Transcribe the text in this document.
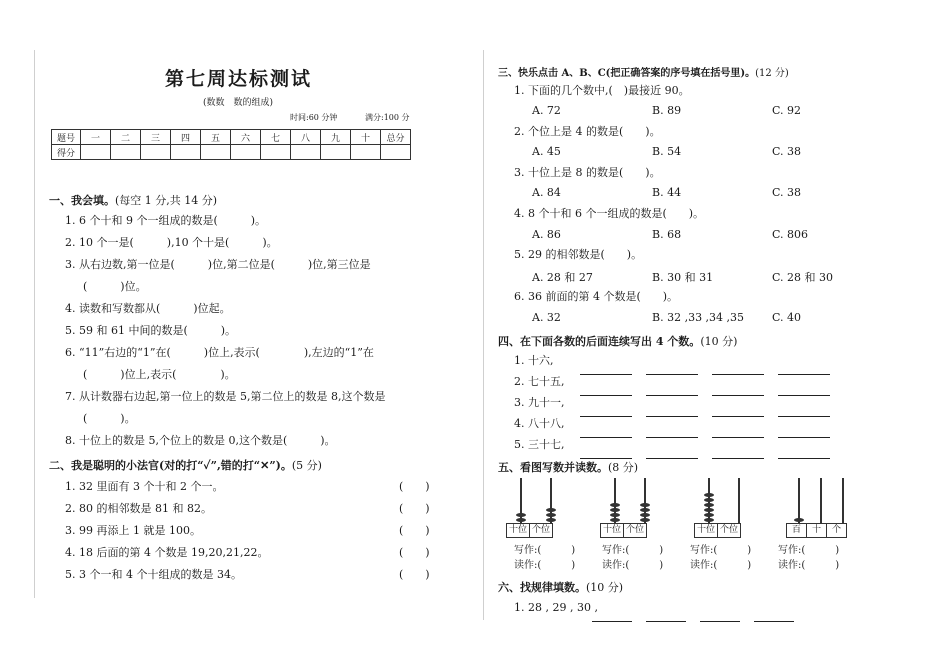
第七周达标测试
(数数　数的组成)
时间:60 分钟	满分:100 分
题号	一	二	三	四	五	六	七	八	九	十	总分
得分											
一、我会填。(每空 1 分,共 14 分)
1. 6 个十和 9 个一组成的数是(　　　)。
2. 10 个一是(　　　),10 个十是(　　　)。
3. 从右边数,第一位是(　　　)位,第二位是(　　　)位,第三位是
(　　　)位。
4. 读数和写数都从(　　　)位起。
5. 59 和 61 中间的数是(　　　)。
6. “11”右边的“1”在(　　　)位上,表示(　　　　),左边的“1”在
(　　　)位上,表示(　　　　)。
7. 从计数器右边起,第一位上的数是 5,第二位上的数是 8,这个数是
(　　　)。
8. 十位上的数是 5,个位上的数是 0,这个数是(　　　)。
二、我是聪明的小法官(对的打“✓”,错的打“✕”)。(5 分)
1. 32 里面有 3 个十和 2 个一。	(　　)
2. 80 的相邻数是 81 和 82。	(　　)
3. 99 再添上 1 就是 100。	(　　)
4. 18 后面的第 4 个数是 19,20,21,22。	(　　)
5. 3 个一和 4 个十组成的数是 34。	(　　)
三、快乐点击 A、B、C(把正确答案的序号填在括号里)。(12 分)
1. 下面的几个数中,(　)最接近 90。
A. 72	B. 89	C. 92
2. 个位上是 4 的数是(　　)。
A. 45	B. 54	C. 38
3. 十位上是 8 的数是(　　)。
A. 84	B. 44	C. 38
4. 8 个十和 6 个一组成的数是(　　)。
A. 86	B. 68	C. 806
5. 29 的相邻数是(　　)。
A. 28 和 27	B. 30 和 31	C. 28 和 30
6. 36 前面的第 4 个数是(　　)。
A. 32	B. 32 ,33 ,34 ,35	C. 40
四、在下面各数的后面连续写出 4 个数。(10 分)
1. 十六,
2. 七十五,
3. 九十一,
4. 八十八,
5. 三十七,
五、看图写数并读数。(8 分)
十位 个位	十位 个位	十位 个位	百	十	个
写作:(　　　)
读作:(　　　)
写作:(　　　)
读作:(　　　)
写作:(　　　)
读作:(　　　)
写作:(　　　)
读作:(　　　)
六、找规律填数。(10 分)
1. 28 , 29 , 30 ,
